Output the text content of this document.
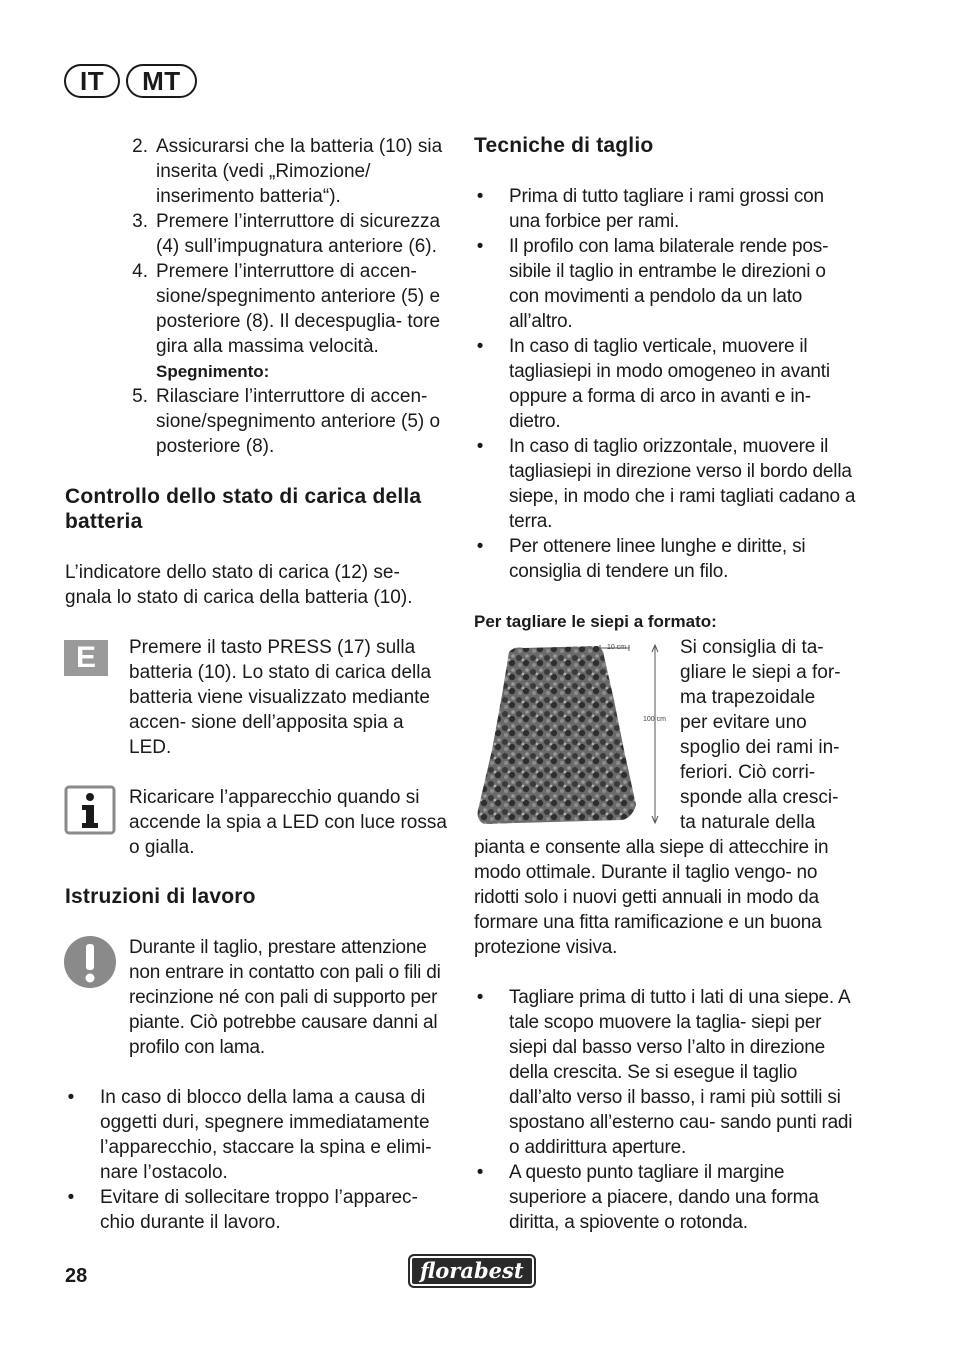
IT	MT
2. Assicurarsi che la batteria (10) sia inserita (vedi „Rimozione/ inserimento batteria“).
3. Premere l’interruttore di sicurezza (4) sull’impugnatura anteriore (6).
4. Premere l’interruttore di accen- sione/spegnimento anteriore (5) e posteriore (8). Il decespuglia- tore gira alla massima velocità.
Spegnimento:
5. Rilasciare l’interruttore di accen- sione/spegnimento anteriore (5) o posteriore (8).
Controllo dello stato di carica della batteria

L’indicatore dello stato di carica (12) se- gnala lo stato di carica della batteria (10).

E	Premere il tasto PRESS (17) sulla batteria (10). Lo stato di carica della batteria viene visualizzato mediante accen- sione dell’apposita spia a LED.

Ricaricare l’apparecchio quando si accende la spia a LED con luce rossa o gialla.

Istruzioni di lavoro

Durante il taglio, prestare attenzione non entrare in contatto con pali o fili di recinzione né con pali di supporto per piante. Ciò potrebbe causare danni al profilo con lama.

• In caso di blocco della lama a causa di oggetti duri, spegnere immediatamente l’apparecchio, staccare la spina e elimi- nare l’ostacolo.
• Evitare di sollecitare troppo l’apparec- chio durante il lavoro.
Tecniche di taglio
• Prima di tutto tagliare i rami grossi con una forbice per rami.
• Il profilo con lama bilaterale rende pos- sibile il taglio in entrambe le direzioni o con movimenti a pendolo da un lato all’altro.
• In caso di taglio verticale, muovere il tagliasiepi in modo omogeneo in avanti oppure a forma di arco in avanti e in- dietro.
• In caso di taglio orizzontale, muovere il tagliasiepi in direzione verso il bordo della siepe, in modo che i rami tagliati cadano a terra.
• Per ottenere linee lunghe e diritte, si consiglia di tendere un filo.
Per tagliare le siepi a formato:
10 cm
100 cm
Si consiglia di ta-
gliare le siepi a for-
ma trapezoidale
per evitare uno
spoglio dei rami in-
feriori. Ciò corri-
sponde alla cresci-
ta naturale della

pianta e consente alla siepe di attecchire in modo ottimale. Durante il taglio vengo- no ridotti solo i nuovi getti annuali in modo da formare una fitta ramificazione e un buona protezione visiva.

• Tagliare prima di tutto i lati di una siepe. A tale scopo muovere la taglia- siepi per siepi dal basso verso l’alto in direzione della crescita. Se si esegue il taglio dall’alto verso il basso, i rami più sottili si spostano all’esterno cau- sando punti radi o addirittura aperture.
• A questo punto tagliare il margine superiore a piacere, dando una forma diritta, a spiovente o rotonda.
28	florabest
